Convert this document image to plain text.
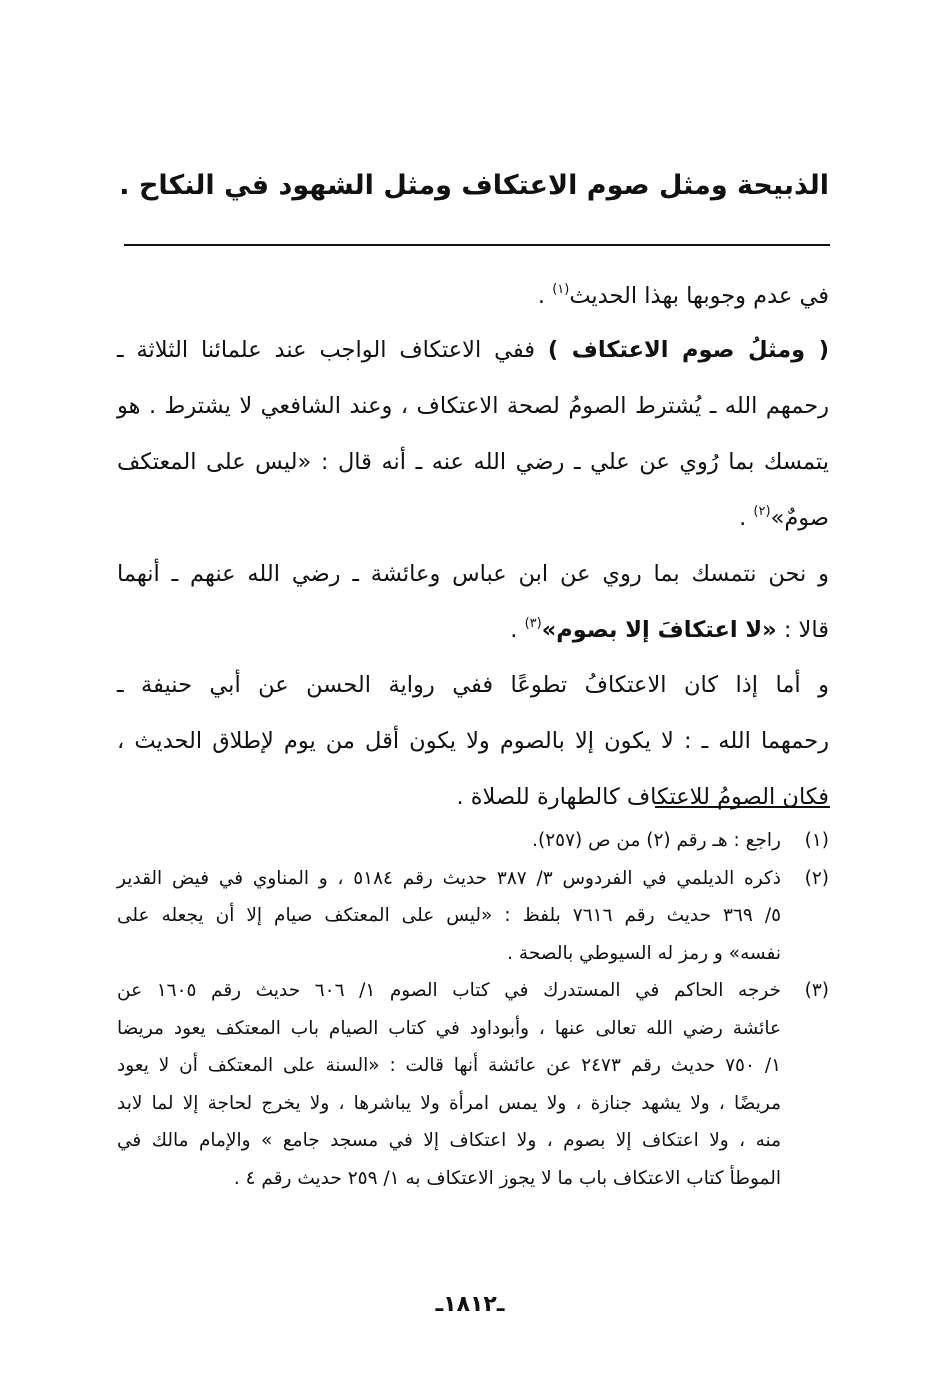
الذبيحة ومثل صوم الاعتكاف ومثل الشهود في النكاح .
في عدم وجوبها بهذا الحديث$^{(١)}$ .
( ومثلُ صوم الاعتكاف ) ففي الاعتكاف الواجب عند علمائنا الثلاثة ـ
رحمهم الله ـ يُشترط الصومُ لصحة الاعتكاف ، وعند الشافعي لا يشترط . هو
يتمسك بما رُوي عن علي ـ رضي الله عنه ـ أنه قال : «ليس على المعتكف
صومٌ»$^{(٢)}$ .
و نحن نتمسك بما روي عن ابن عباس وعائشة ـ رضي الله عنهم ـ أنهما
قالا : «لا اعتكافَ إلا بصوم»$^{(٣)}$ .
و أما إذا كان الاعتكافُ تطوعًا ففي رواية الحسن عن أبي حنيفة ـ
رحمهما الله ـ : لا يكون إلا بالصوم ولا يكون أقل من يوم لإطلاق الحديث ،
فكان الصومُ للاعتكاف كالطهارة للصلاة .
(١)
راجع : هـ رقم (٢) من ص (٢٥٧).
(٢)
ذكره الديلمي في الفردوس ٣/ ٣٨٧ حديث رقم ٥١٨٤ ، و المناوي في فيض القدير
٥/ ٣٦٩ حديث رقم ٧٦١٦ بلفظ : «ليس على المعتكف صيام إلا أن يجعله على
نفسه» و رمز له السيوطي بالصحة .
(٣)
خرجه الحاكم في المستدرك في كتاب الصوم ١/ ٦٠٦ حديث رقم ١٦٠٥ عن
عائشة رضي الله تعالى عنها ، وأبوداود في كتاب الصيام باب المعتكف يعود مريضا
١/ ٧٥٠ حديث رقم ٢٤٧٣ عن عائشة أنها قالت : «السنة على المعتكف أن لا يعود
مريضًا ، ولا يشهد جنازة ، ولا يمس امرأة ولا يباشرها ، ولا يخرج لحاجة إلا لما لابد
منه ، ولا اعتكاف إلا بصوم ، ولا اعتكاف إلا في مسجد جامع » والإمام مالك في
الموطأ كتاب الاعتكاف باب ما لا يجوز الاعتكاف به ١/ ٢٥٩ حديث رقم ٤ .
ـ١٨١٢ـ
